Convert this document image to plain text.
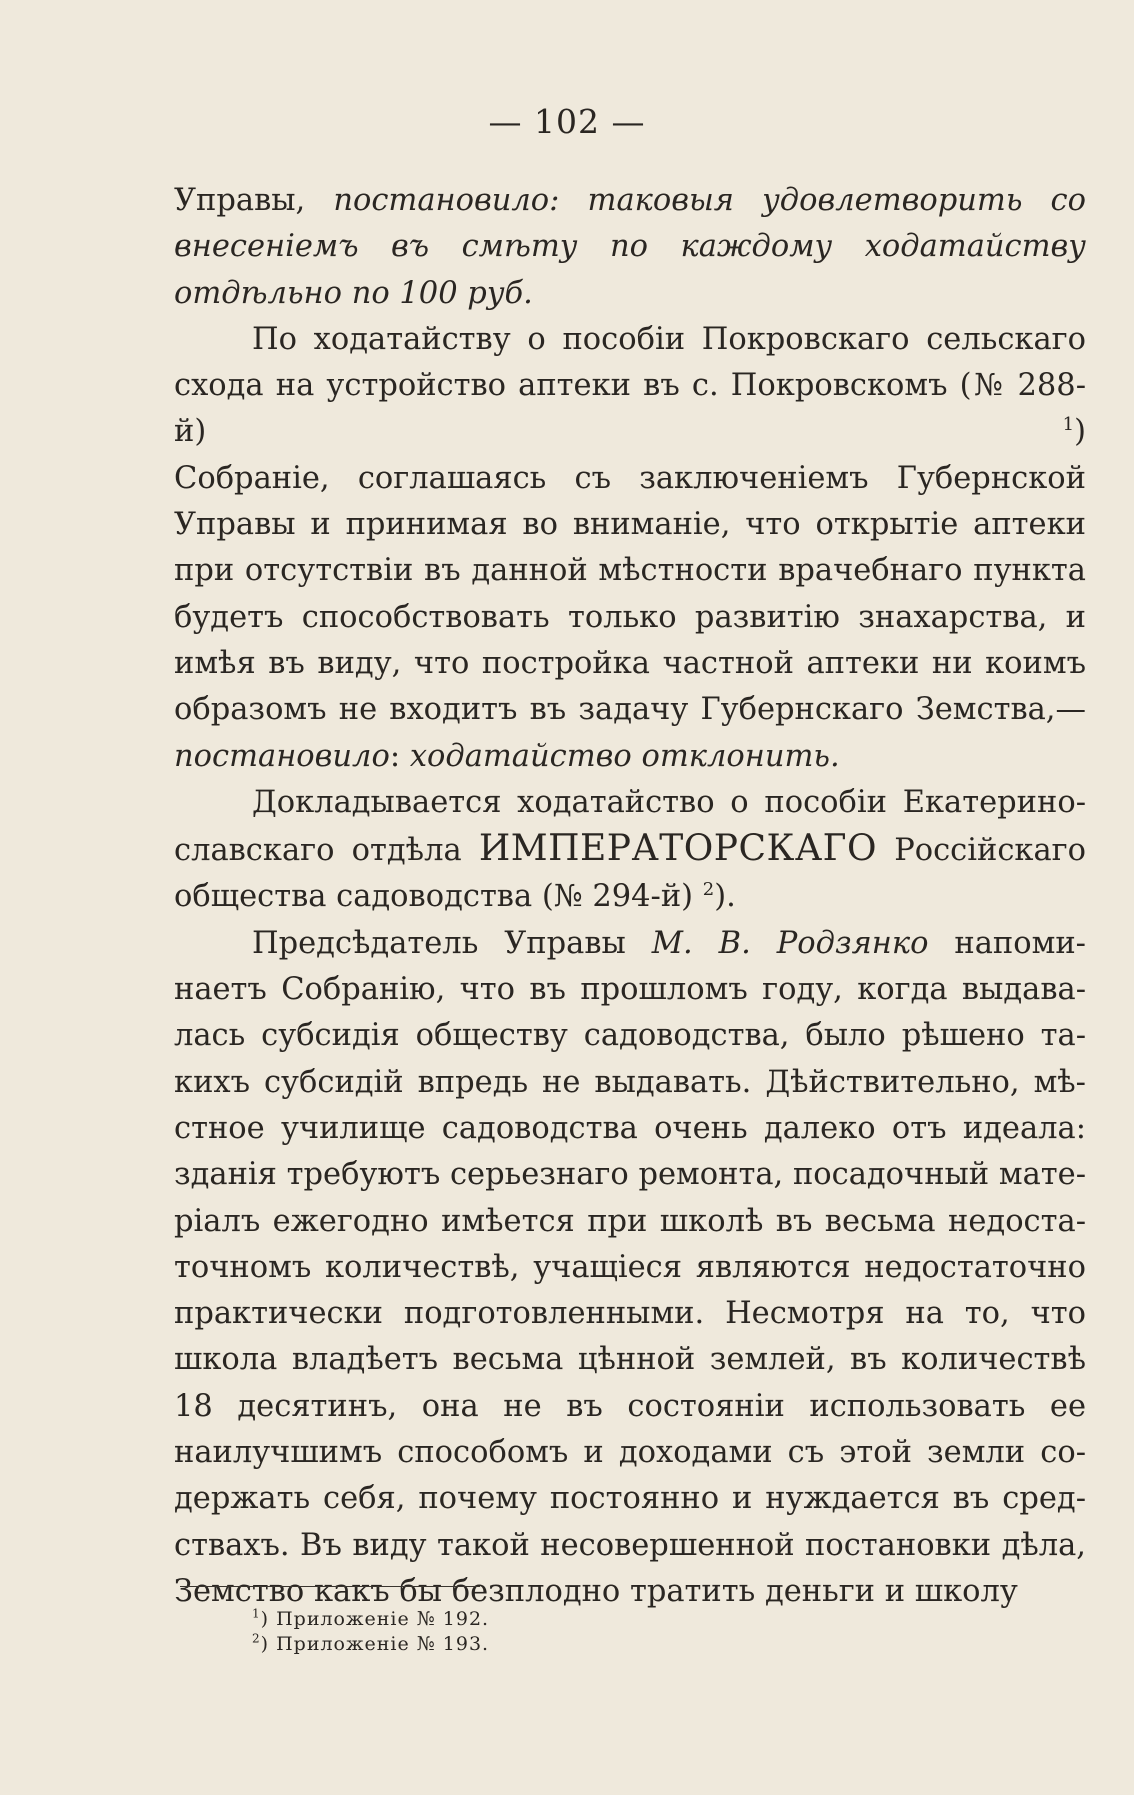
— 102 —

Управы, постановило: таковыя удовлетворить со

внесеніемъ въ смѣту по каждому ходатайству

отдѣльно по 100 руб.

По ходатайству о пособіи Покровскаго сельскаго

схода на устройство аптеки въ с. Покровскомъ (№ 288-й) $^1$)

Собраніе, соглашаясь съ заключеніемъ Губернской

Управы и принимая во вниманіе, что открытіе аптеки

при отсутствіи въ данной мѣстности врачебнаго пункта

будетъ способствовать только развитію знахарства, и

имѣя въ виду, что постройка частной аптеки ни коимъ

образомъ не входитъ въ задачу Губернскаго Земства,—

постановило: ходатайство отклонить.

Докладывается ходатайство о пособіи Екатерино-

славскаго отдѣла ИМПЕРАТОРСКАГО Россійскаго

общества садоводства (№ 294-й) $^2$).

Предсѣдатель Управы М. В. Родзянко напоми-

наетъ Собранію, что въ прошломъ году, когда выдава-

лась субсидія обществу садоводства, было рѣшено та-

кихъ субсидій впредь не выдавать. Дѣйствительно, мѣ-

стное училище садоводства очень далеко отъ идеала:

зданія требуютъ серьезнаго ремонта, посадочный мате-

ріалъ ежегодно имѣется при школѣ въ весьма недоста-

точномъ количествѣ, учащіеся являются недостаточно

практически подготовленными. Несмотря на то, что

школа владѣетъ весьма цѣнной землей, въ количествѣ

18 десятинъ, она не въ состояніи использовать ее

наилучшимъ способомъ и доходами съ этой земли со-

держать себя, почему постоянно и нуждается въ сред-

ствахъ. Въ виду такой несовершенной постановки дѣла,

Земство какъ бы безплодно тратить деньги и школу

$^1$) Приложеніе № 192.
$^2$) Приложеніе № 193.
